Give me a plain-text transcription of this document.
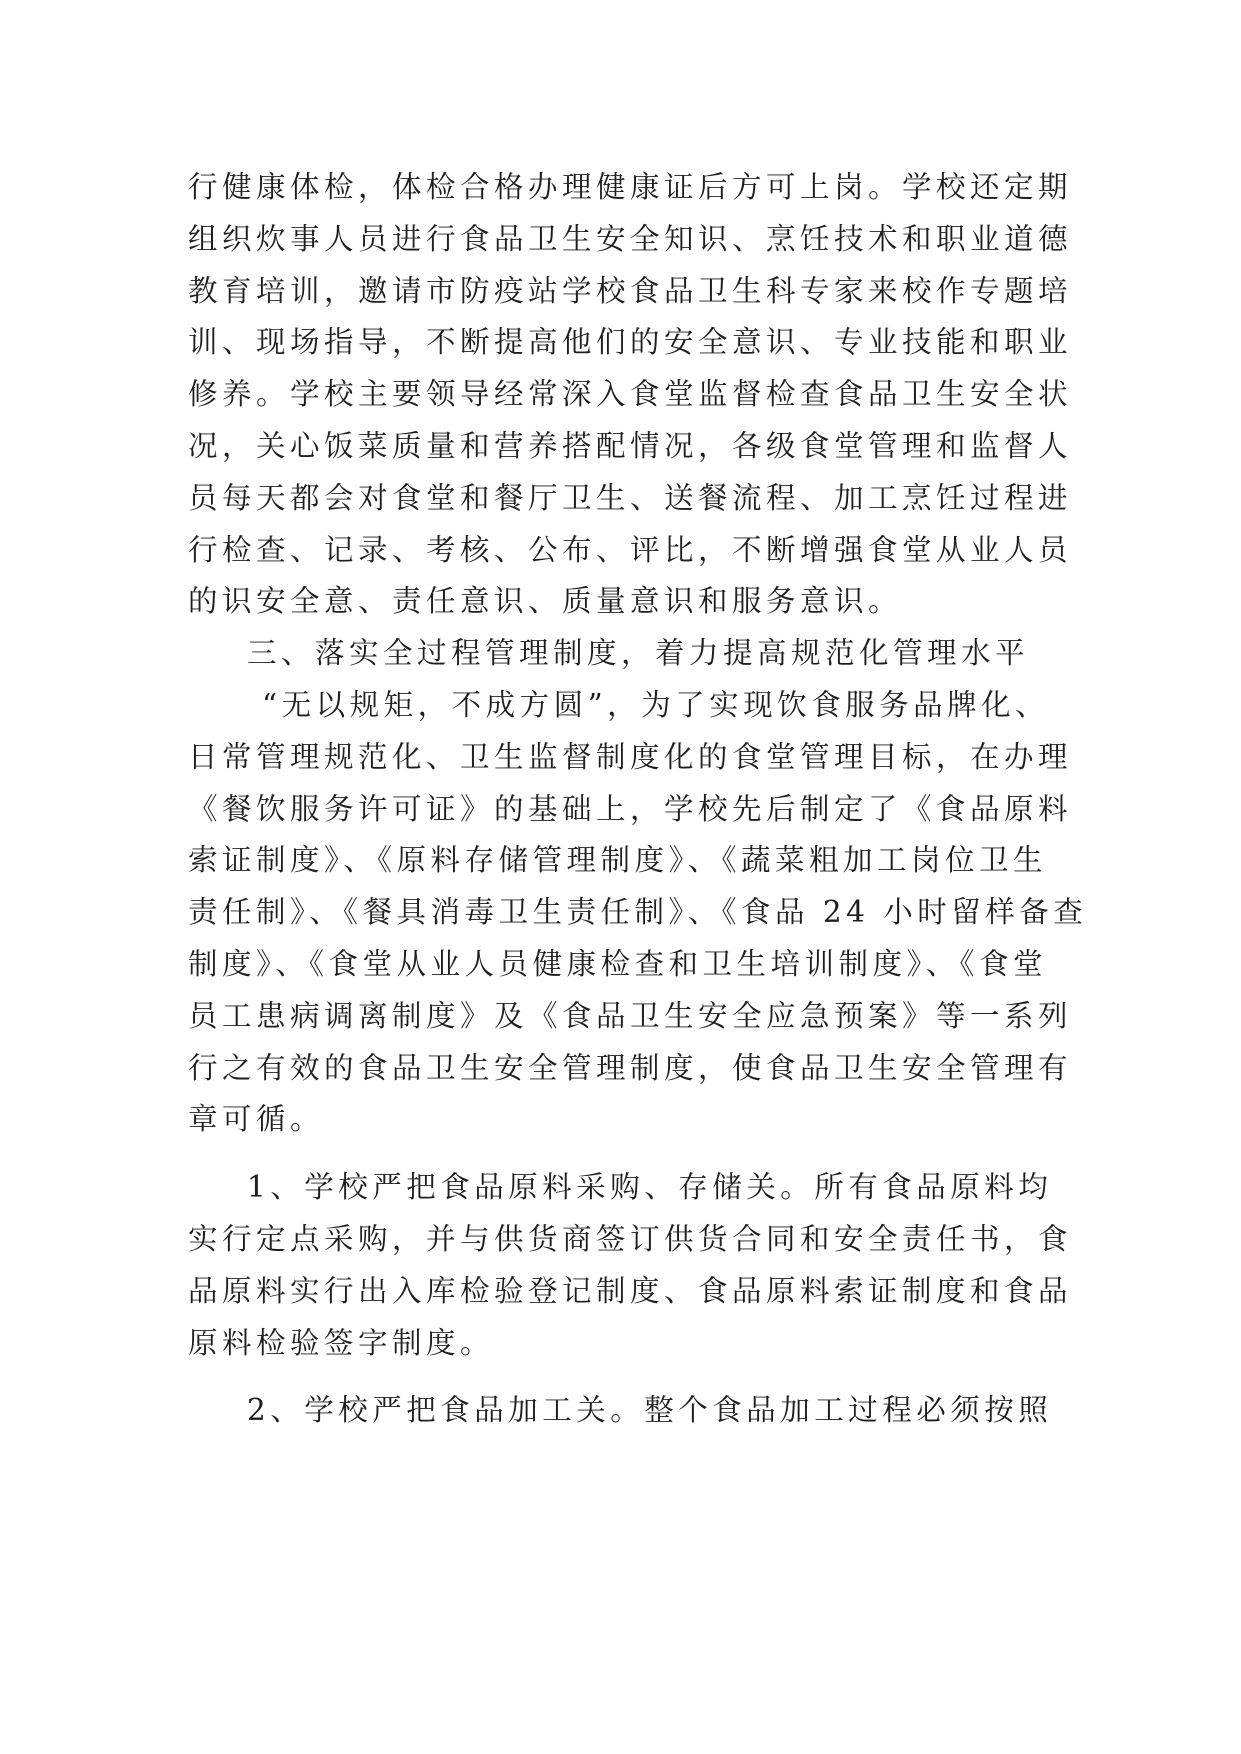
行健康体检，体检合格办理健康证后方可上岗。学校还定期
组织炊事人员进行食品卫生安全知识、烹饪技术和职业道德
教育培训，邀请市防疫站学校食品卫生科专家来校作专题培
训、现场指导，不断提高他们的安全意识、专业技能和职业
修养。学校主要领导经常深入食堂监督检查食品卫生安全状
况，关心饭菜质量和营养搭配情况，各级食堂管理和监督人
员每天都会对食堂和餐厅卫生、送餐流程、加工烹饪过程进
行检查、记录、考核、公布、评比，不断增强食堂从业人员
的识安全意、责任意识、质量意识和服务意识。
三、落实全过程管理制度，着力提高规范化管理水平
“无以规矩，不成方圆”，为了实现饮食服务品牌化、
日常管理规范化、卫生监督制度化的食堂管理目标，在办理
《餐饮服务许可证》的基础上，学校先后制定了《食品原料
索证制度》、《原料存储管理制度》、《蔬菜粗加工岗位卫生
责任制》、《餐具消毒卫生责任制》、《食品 24 小时留样备查
制度》、《食堂从业人员健康检查和卫生培训制度》、《食堂
员工患病调离制度》及《食品卫生安全应急预案》等一系列
行之有效的食品卫生安全管理制度，使食品卫生安全管理有
章可循。
1、学校严把食品原料采购、存储关。所有食品原料均
实行定点采购，并与供货商签订供货合同和安全责任书，食
品原料实行出入库检验登记制度、食品原料索证制度和食品
原料检验签字制度。
2、学校严把食品加工关。整个食品加工过程必须按照
